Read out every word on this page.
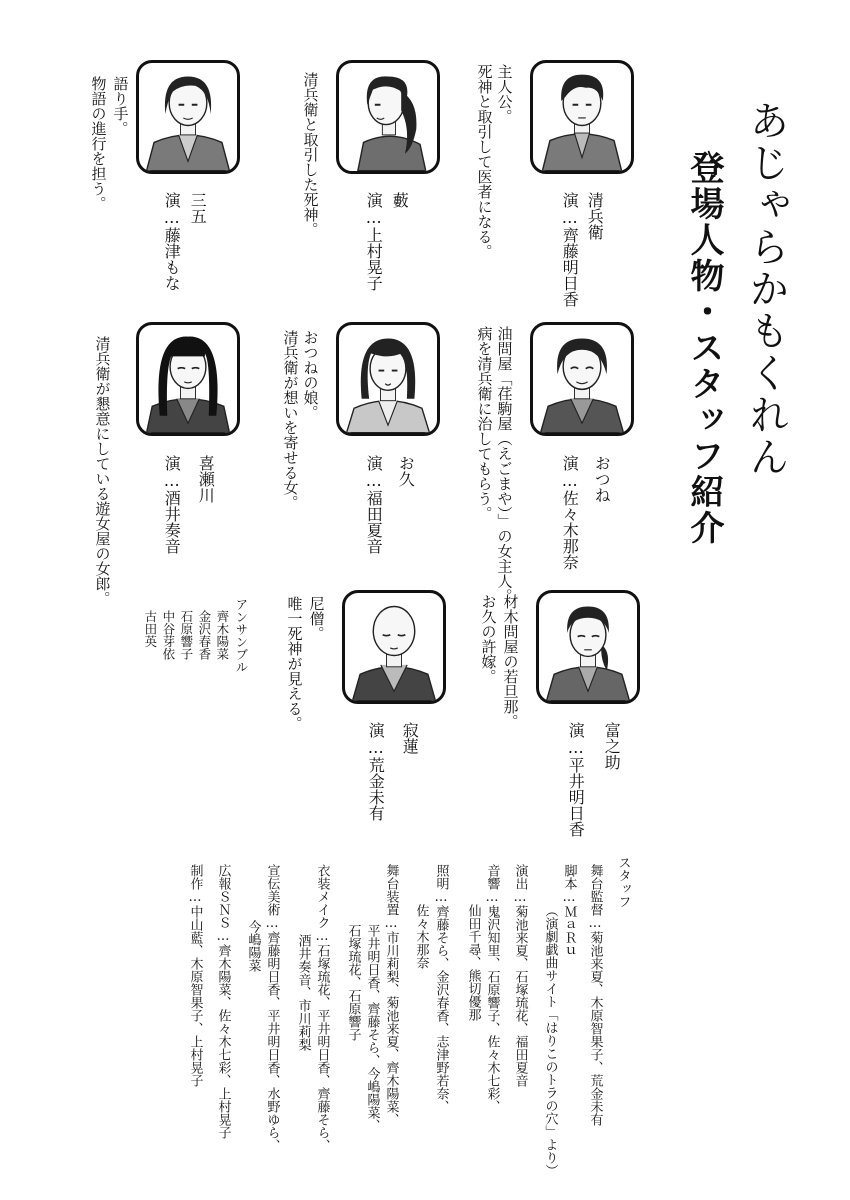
あじゃらかもくれん
登場人物・スタッフ紹介
清兵衛
演…齊藤明日香
主人公。
死神と取引して医者になる。
藪
演…上村晃子
清兵衛と取引した死神。
三五
演…藤津もな
語り手。
物語の進行を担う。
おつね
演…佐々木那奈
油問屋「荏駒屋（えごまや）」の女主人。
病を清兵衛に治してもらう。
お久
演…福田夏音
おつねの娘。
清兵衛が想いを寄せる女。
喜瀬川
演…酒井奏音
清兵衛が懇意にしている遊女屋の女郎。
富之助
演…平井明日香
材木問屋の若旦那。
お久の許嫁。
寂蓮
演…荒金未有
尼僧。
唯一死神が見える。
アンサンブル
齊木陽菜
金沢春香
石原響子
中谷芽依
古田英
スタッフ
舞台監督…菊池来夏、木原智果子、荒金未有
脚本…ＭａＲｕ
（演劇戯曲サイト「はりこのトラの穴」より）
演出…菊池来夏、石塚琉花、福田夏音
音響…鬼沢知里、石原響子、佐々木七彩、
仙田千尋、熊切優那
照明…齊藤そら、金沢春香、志津野若奈、
佐々木那奈
舞台装置…市川莉梨、菊池来夏、齊木陽菜、
平井明日香、齊藤そら、今嶋陽菜、
石塚琉花、石原響子
衣装メイク…石塚琉花、平井明日香、齊藤そら、
酒井奏音、市川莉梨
宣伝美術…齊藤明日香、平井明日香、水野ゆら、
今嶋陽菜
広報ＳＮＳ…齊木陽菜、佐々木七彩、上村晃子
制作…中山藍、木原智果子、上村晃子
